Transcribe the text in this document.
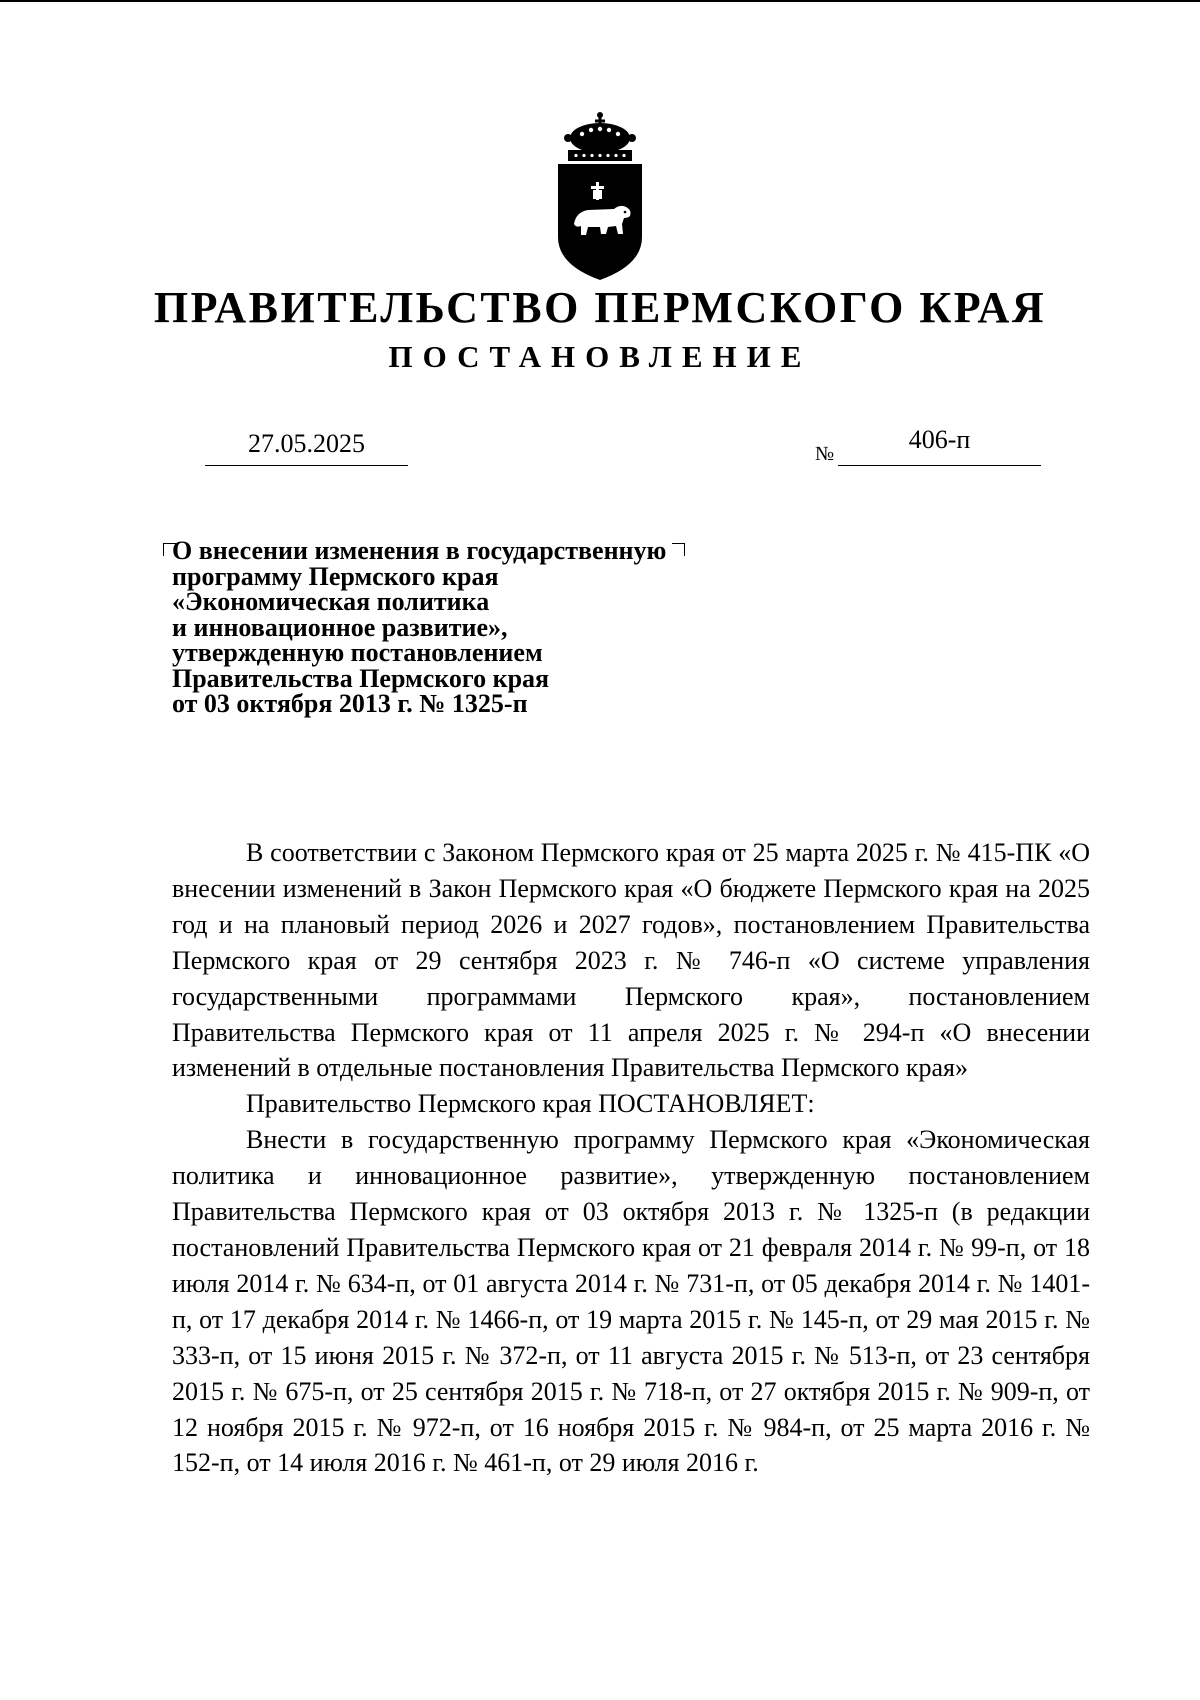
ПРАВИТЕЛЬСТВО ПЕРМСКОГО КРАЯ
ПОСТАНОВЛЕНИЕ
27.05.2025	№	406-п
О внесении изменения в государственную
программу Пермского края
«Экономическая политика
и инновационное развитие»,
утвержденную постановлением
Правительства Пермского края
от 03 октября 2013 г. № 1325-п

В соответствии с Законом Пермского края от 25 марта 2025 г. № 415-ПК «О внесении изменений в Закон Пермского края «О бюджете Пермского края на 2025 год и на плановый период 2026 и 2027 годов», постановлением Правительства Пермского края от 29 сентября 2023 г. № 746-п «О системе управления государственными программами Пермского края», постановлением Правительства Пермского края от 11 апреля 2025 г. № 294-п «О внесении изменений в отдельные постановления Правительства Пермского края»

Правительство Пермского края ПОСТАНОВЛЯЕТ:

Внести в государственную программу Пермского края «Экономическая политика и инновационное развитие», утвержденную постановлением Правительства Пермского края от 03 октября 2013 г. № 1325-п (в редакции постановлений Правительства Пермского края от 21 февраля 2014 г. № 99-п, от 18 июля 2014 г. № 634-п, от 01 августа 2014 г. № 731-п, от 05 декабря 2014 г. № 1401-п, от 17 декабря 2014 г. № 1466-п, от 19 марта 2015 г. № 145-п, от 29 мая 2015 г. № 333-п, от 15 июня 2015 г. № 372-п, от 11 августа 2015 г. № 513-п, от 23 сентября 2015 г. № 675-п, от 25 сентября 2015 г. № 718-п, от 27 октября 2015 г. № 909-п, от 12 ноября 2015 г. № 972-п, от 16 ноября 2015 г. № 984-п, от 25 марта 2016 г. № 152-п, от 14 июля 2016 г. № 461-п, от 29 июля 2016 г.
